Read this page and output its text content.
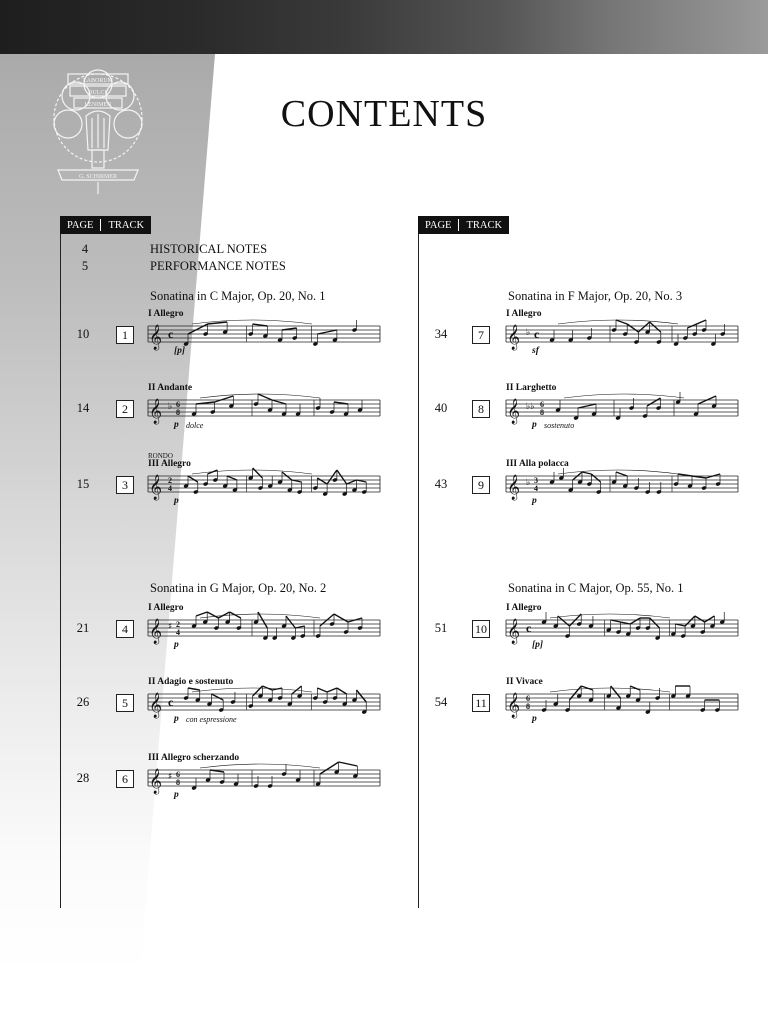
LABORUM
DULCE
LENIMEN
G. SCHIRMER
CONTENTS
PAGE	TRACK	PAGE	TRACK
4	HISTORICAL NOTES
5	PERFORMANCE NOTES
Sonatina in C Major, Op. 20, No. 1
Sonatina in G Major, Op. 20, No. 2
Sonatina in F Major, Op. 20, No. 3
Sonatina in C Major, Op. 55, No. 1
I Allegro
10	1 𝄞 c
[p]
II Andante
14	2 𝄞 ♭ 6
8
p dolce
RONDO
III Allegro
15	3 𝄞 2
4
p
I Allegro
21	4 𝄞 ♯ 2
4
p
II Adagio e sostenuto
26	5 𝄞 c
p con espressione
III Allegro scherzando
28	6 𝄞 ♯ 6
8
p
I Allegro
34	7 𝄞 ♭ c
sf
II Larghetto
40	8 𝄞 ♭♭ 6
8
p sostenuto
III Alla polacca
43	9 𝄞 ♭ 3
4
p
I Allegro
51	10 𝄞 c
[p]
II Vivace
54	11 𝄞 6
8
p
